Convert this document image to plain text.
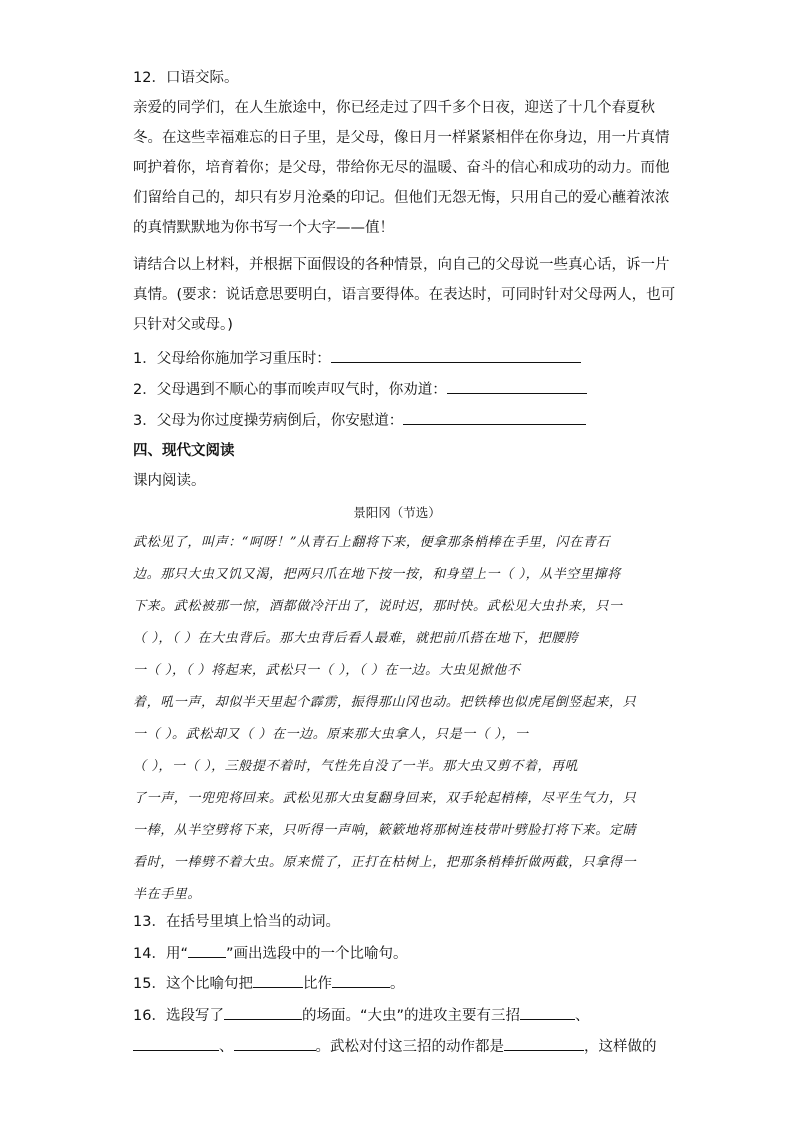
12．口语交际。
亲爱的同学们，在人生旅途中，你已经走过了四千多个日夜，迎送了十几个春夏秋
冬。在这些幸福难忘的日子里，是父母，像日月一样紧紧相伴在你身边，用一片真情
呵护着你，培育着你；是父母，带给你无尽的温暖、奋斗的信心和成功的动力。而他
们留给自己的，却只有岁月沧桑的印记。但他们无怨无悔，只用自己的爱心蘸着浓浓
的真情默默地为你书写一个大字——值！
请结合以上材料，并根据下面假设的各种情景，向自己的父母说一些真心话，诉一片
真情。(要求：说话意思要明白，语言要得体。在表达时，可同时针对父母两人，也可
只针对父或母。)
1．父母给你施加学习重压时：
2．父母遇到不顺心的事而唉声叹气时，你劝道：
3．父母为你过度操劳病倒后，你安慰道：
四、现代文阅读
课内阅读。
景阳冈（节选）
武松见了，叫声：“呵呀！”从青石上翻将下来，便拿那条梢棒在手里，闪在青石
边。那只大虫又饥又渴，把两只爪在地下按一按，和身望上一（ ），从半空里撺将
下来。武松被那一惊，酒都做冷汗出了，说时迟，那时快。武松见大虫扑来，只一
（ ），（ ）在大虫背后。那大虫背后看人最难，就把前爪搭在地下，把腰胯
一（ ），（ ）将起来，武松只一（ ），（ ）在一边。大虫见掀他不
着，吼一声，却似半天里起个霹雳，振得那山冈也动。把铁棒也似虎尾倒竖起来，只
一（ ）。武松却又（ ）在一边。原来那大虫拿人，只是一（ ），一
（ ），一（ ），三般提不着时，气性先自没了一半。那大虫又剪不着，再吼
了一声，一兜兜将回来。武松见那大虫复翻身回来，双手轮起梢棒，尽平生气力，只
一棒，从半空劈将下来，只听得一声响，簌簌地将那树连枝带叶劈脸打将下来。定睛
看时，一棒劈不着大虫。原来慌了，正打在枯树上，把那条梢棒折做两截，只拿得一
半在手里。
13．在括号里填上恰当的动词。
14．用“	”画出选段中的一个比喻句。
15．这个比喻句把	比作	。
16．选段写了	的场面。“大虫”的进攻主要有三招	、
、	。武松对付这三招的动作都是	，这样做的
